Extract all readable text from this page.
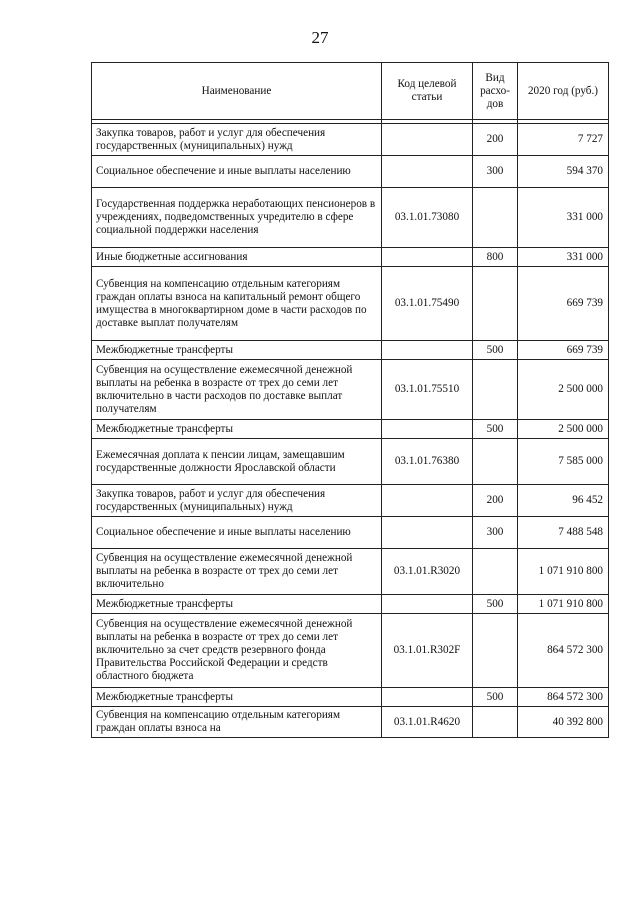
27
Наименование	Код целевой статьи	Вид расхо-дов	2020 год (руб.)

Закупка товаров, работ и услуг для обеспечения государственных (муниципальных) нужд		200	7 727
Социальное обеспечение и иные выплаты населению		300	594 370
Государственная поддержка неработающих пенсионеров в учреждениях, подведомственных учредителю в сфере социальной поддержки населения	03.1.01.73080		331 000
Иные бюджетные ассигнования		800	331 000
Субвенция на компенсацию отдельным категориям граждан оплаты взноса на капитальный ремонт общего имущества в многоквартирном доме в части расходов по доставке выплат получателям	03.1.01.75490		669 739
Межбюджетные трансферты		500	669 739
Субвенция на осуществление ежемесячной денежной выплаты на ребенка в возрасте от трех до семи лет включительно в части расходов по доставке выплат получателям	03.1.01.75510		2 500 000
Межбюджетные трансферты		500	2 500 000
Ежемесячная доплата к пенсии лицам, замещавшим государственные должности Ярославской области	03.1.01.76380		7 585 000
Закупка товаров, работ и услуг для обеспечения государственных (муниципальных) нужд		200	96 452
Социальное обеспечение и иные выплаты населению		300	7 488 548
Субвенция на осуществление ежемесячной денежной выплаты на ребенка в возрасте от трех до семи лет включительно	03.1.01.R3020		1 071 910 800
Межбюджетные трансферты		500	1 071 910 800
Субвенция на осуществление ежемесячной денежной выплаты на ребенка в возрасте от трех до семи лет включительно за счет средств резервного фонда Правительства Российской Федерации и средств областного бюджета	03.1.01.R302F		864 572 300
Межбюджетные трансферты		500	864 572 300
Субвенция на компенсацию отдельным категориям граждан оплаты взноса на	03.1.01.R4620		40 392 800
